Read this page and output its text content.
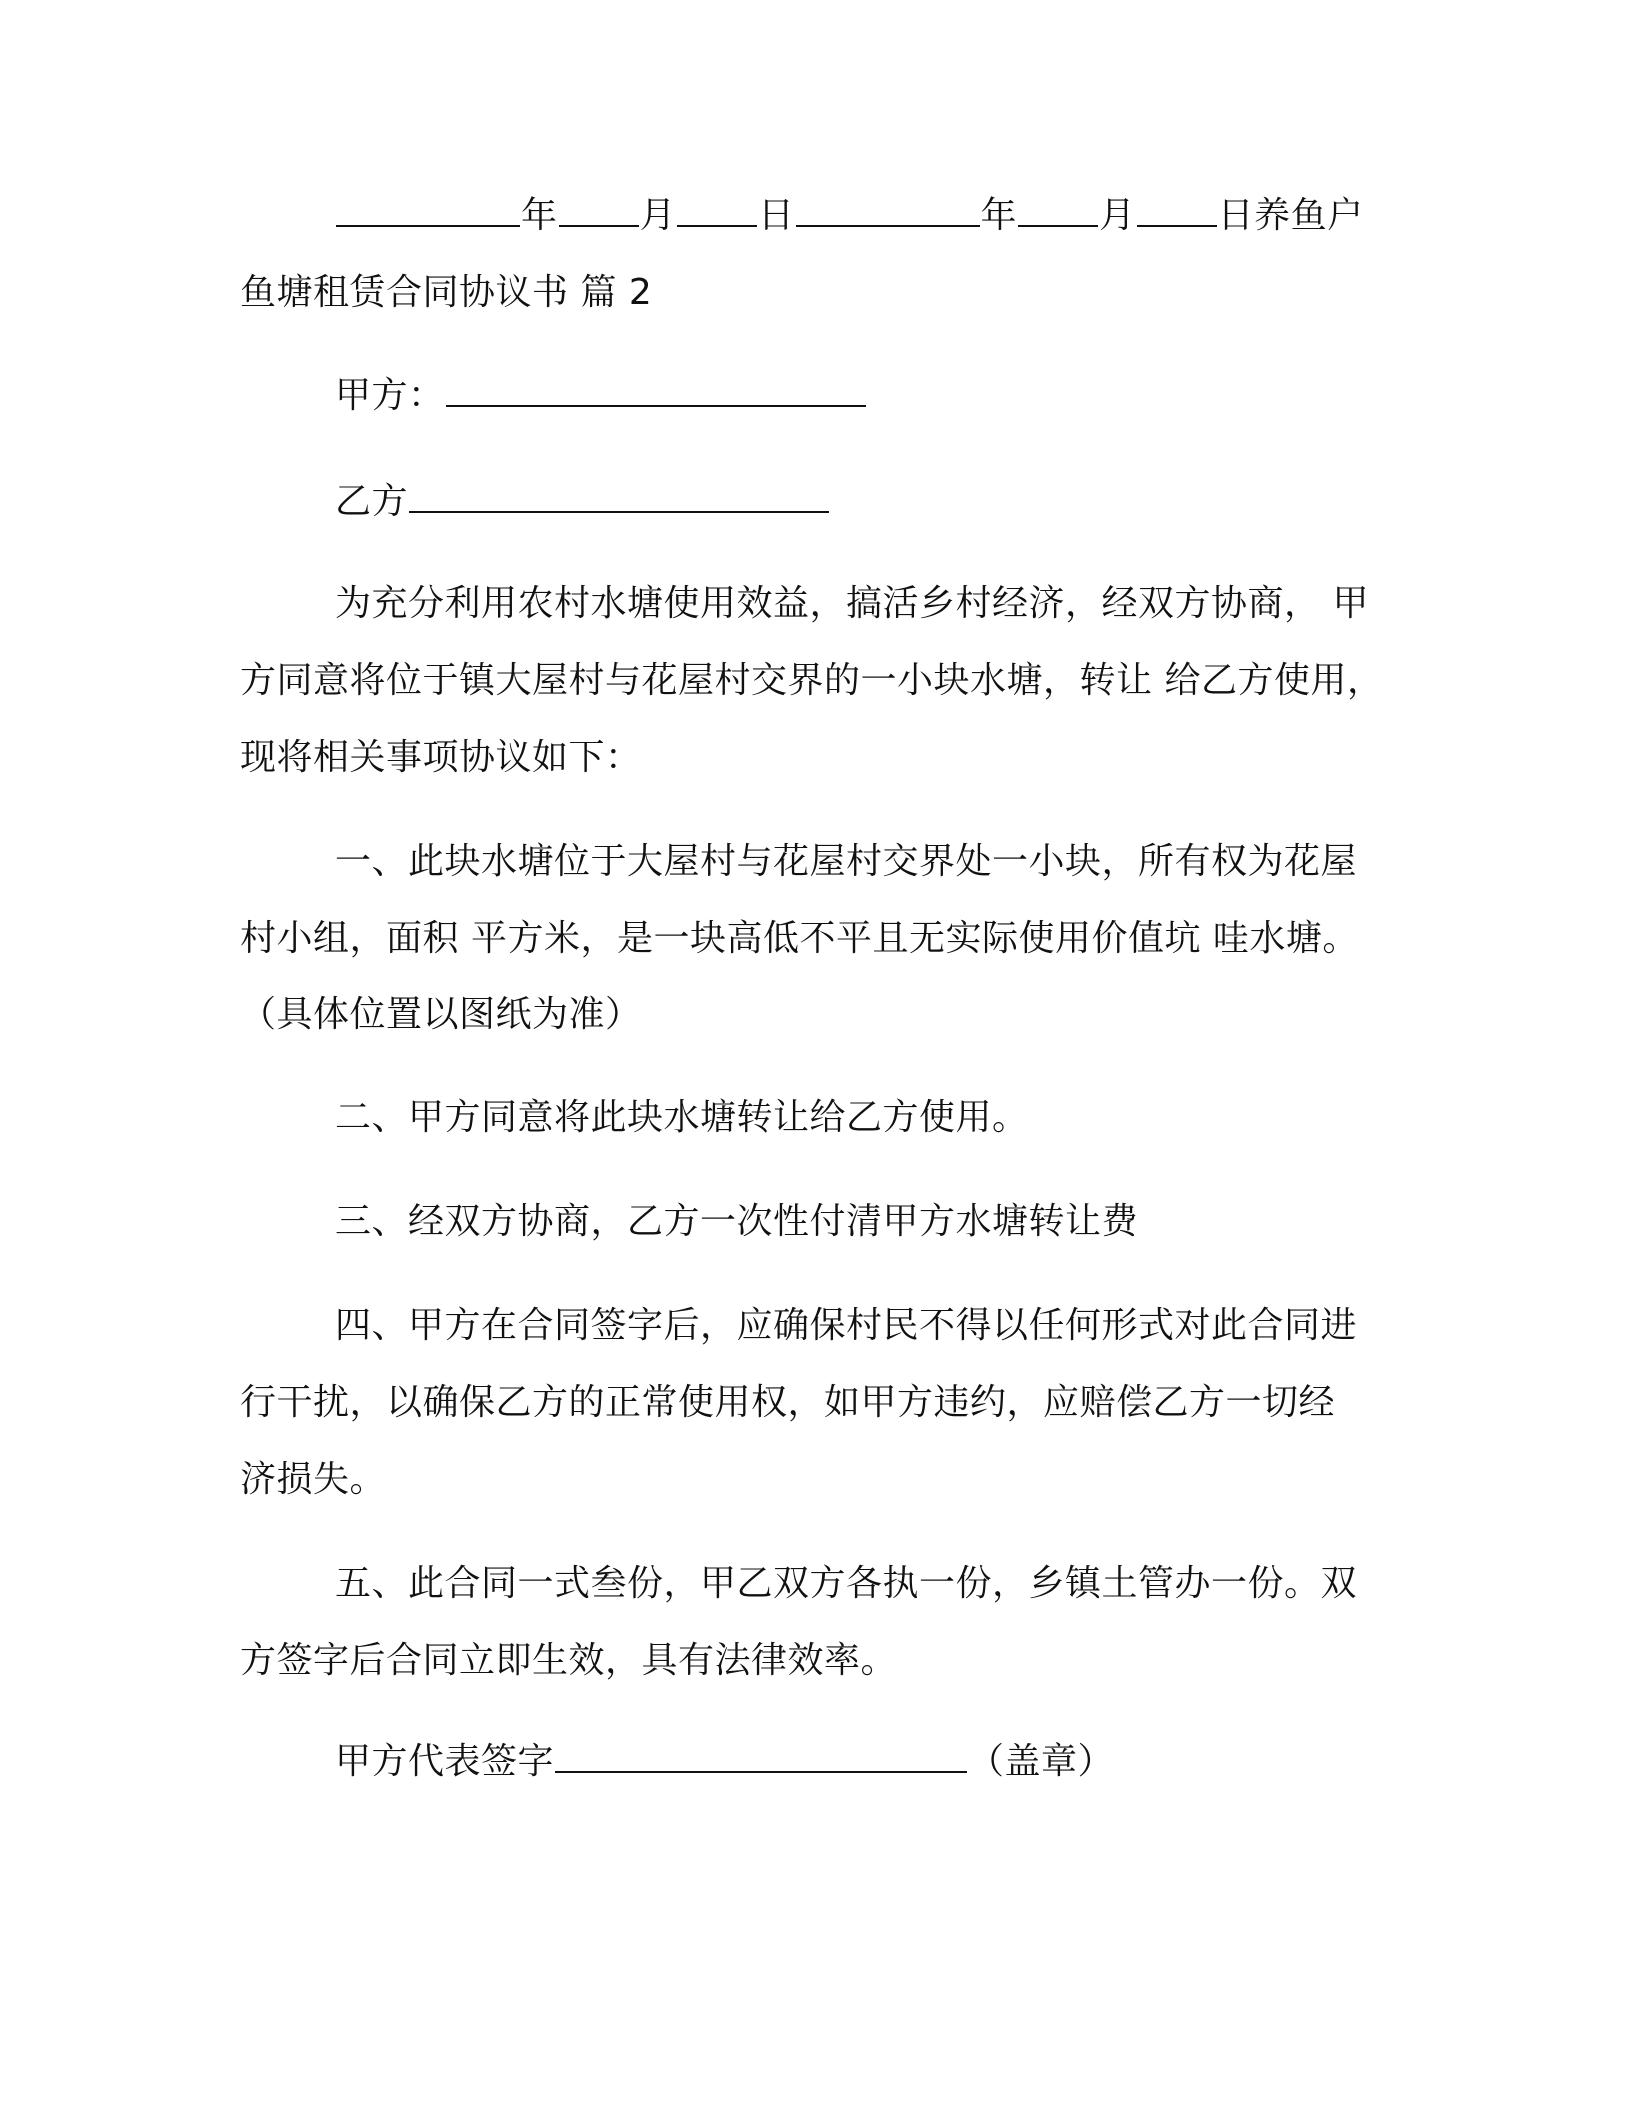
年 月 日	年 月 日养鱼户
鱼塘租赁合同协议书 篇 2
甲方：
乙方
为充分利用农村水塘使用效益，搞活乡村经济，经双方协商， 甲
方同意将位于镇大屋村与花屋村交界的一小块水塘，转让 给乙方使用，
现将相关事项协议如下：
一、此块水塘位于大屋村与花屋村交界处一小块，所有权为花屋
村小组，面积 平方米，是一块高低不平且无实际使用价值坑 哇水塘。
（具体位置以图纸为准）
二、甲方同意将此块水塘转让给乙方使用。
三、经双方协商，乙方一次性付清甲方水塘转让费
四、甲方在合同签字后，应确保村民不得以任何形式对此合同进
行干扰，以确保乙方的正常使用权，如甲方违约，应赔偿乙方一切经
济损失。
五、此合同一式叁份，甲乙双方各执一份，乡镇土管办一份。双
方签字后合同立即生效，具有法律效率。
甲方代表签字	（盖章）
